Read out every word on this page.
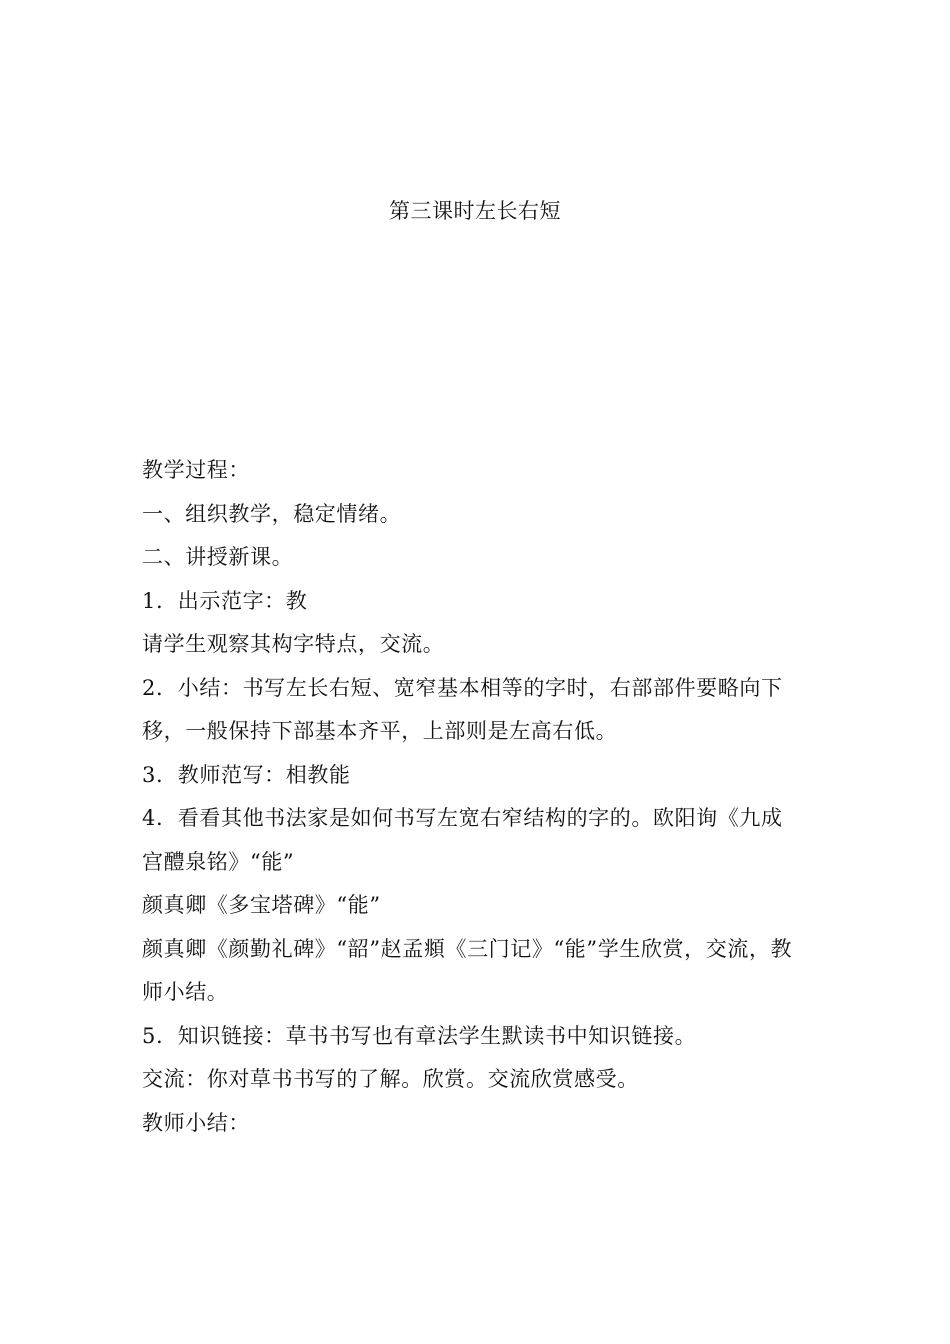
第三课时左长右短

教学过程：

一、组织教学，稳定情绪。

二、讲授新课。

1.  出示范字：教

请学生观察其构字特点，交流。

2.  小结：书写左长右短、宽窄基本相等的字时，右部部件要略向下移，一般保持下部基本齐平，上部则是左高右低。

3.  教师范写：相教能

4.  看看其他书法家是如何书写左宽右窄结构的字的。欧阳询《九成宫醴泉铭》“能”

颜真卿《多宝塔碑》“能”

颜真卿《颜勤礼碑》“韶”赵孟頫《三门记》“能”学生欣赏，交流，教师小结。

5.  知识链接：草书书写也有章法学生默读书中知识链接。

交流：你对草书书写的了解。欣赏。交流欣赏感受。

教师小结：
